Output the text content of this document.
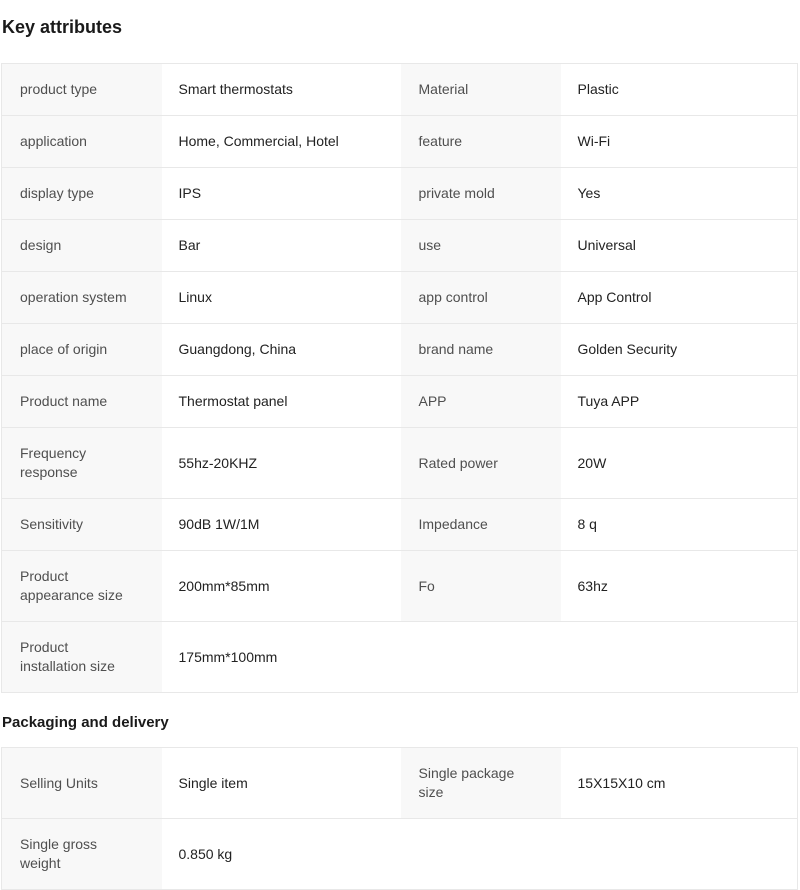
Key attributes
product type	Smart thermostats	Material	Plastic
application	Home, Commercial, Hotel	feature	Wi-Fi
display type	IPS	private mold	Yes
design	Bar	use	Universal
operation system	Linux	app control	App Control
place of origin	Guangdong, China	brand name	Golden Security
Product name	Thermostat panel	APP	Tuya APP
Frequency response	55hz-20KHZ	Rated power	20W
Sensitivity	90dB 1W/1M	Impedance	8 q
Product appearance size	200mm*85mm	Fo	63hz
Product installation size	175mm*100mm		
Packaging and delivery
Selling Units	Single item	Single package size	15X15X10 cm
Single gross weight	0.850 kg		
